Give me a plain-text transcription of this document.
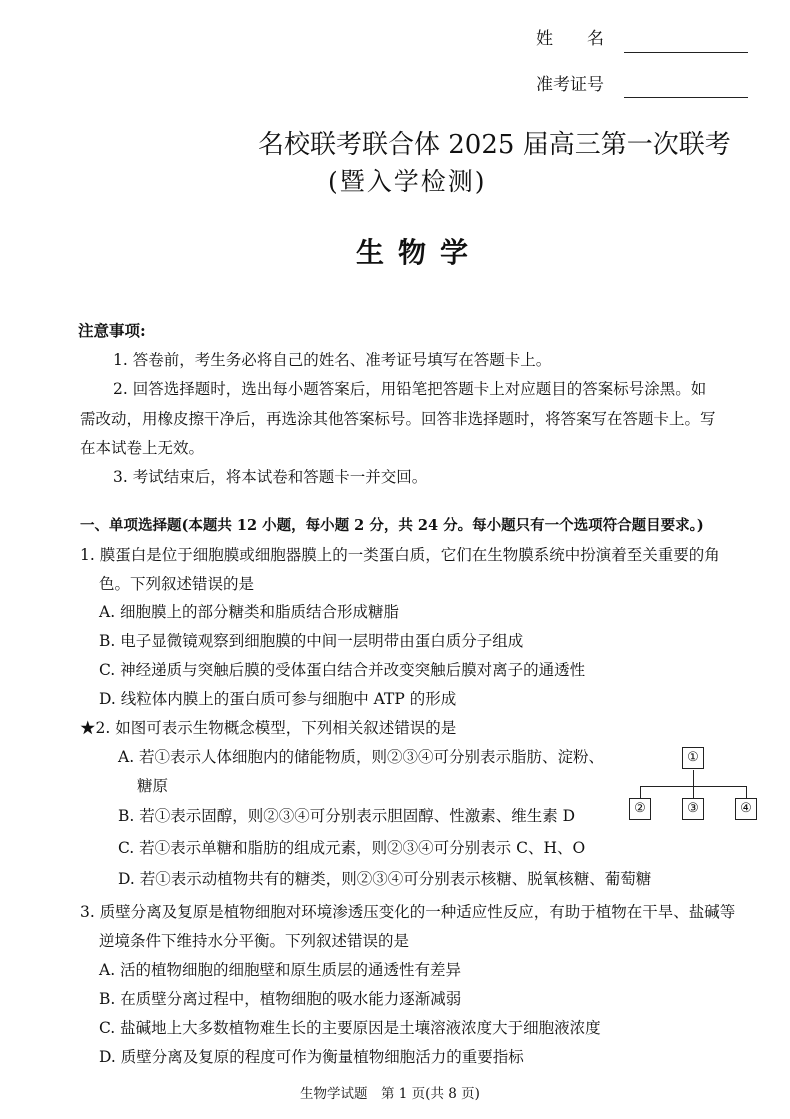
姓　　名
准考证号
名校联考联合体 2025 届高三第一次联考
(暨入学检测)
生物学
注意事项:
1. 答卷前，考生务必将自己的姓名、准考证号填写在答题卡上。
2. 回答选择题时，选出每小题答案后，用铅笔把答题卡上对应题目的答案标号涂黑。如
需改动，用橡皮擦干净后，再选涂其他答案标号。回答非选择题时，将答案写在答题卡上。写
在本试卷上无效。
3. 考试结束后，将本试卷和答题卡一并交回。
一、单项选择题(本题共 12 小题，每小题 2 分，共 24 分。每小题只有一个选项符合题目要求。)
1. 膜蛋白是位于细胞膜或细胞器膜上的一类蛋白质，它们在生物膜系统中扮演着至关重要的角
色。下列叙述错误的是
A. 细胞膜上的部分糖类和脂质结合形成糖脂
B. 电子显微镜观察到细胞膜的中间一层明带由蛋白质分子组成
C. 神经递质与突触后膜的受体蛋白结合并改变突触后膜对离子的通透性
D. 线粒体内膜上的蛋白质可参与细胞中 ATP 的形成
★2. 如图可表示生物概念模型，下列相关叙述错误的是
A. 若①表示人体细胞内的储能物质，则②③④可分别表示脂肪、淀粉、
糖原
B. 若①表示固醇，则②③④可分别表示胆固醇、性激素、维生素 D
C. 若①表示单糖和脂肪的组成元素，则②③④可分别表示 C、H、O
D. 若①表示动植物共有的糖类，则②③④可分别表示核糖、脱氧核糖、葡萄糖
①
②	③	④
3. 质壁分离及复原是植物细胞对环境渗透压变化的一种适应性反应，有助于植物在干旱、盐碱等
逆境条件下维持水分平衡。下列叙述错误的是
A. 活的植物细胞的细胞壁和原生质层的通透性有差异
B. 在质壁分离过程中，植物细胞的吸水能力逐渐减弱
C. 盐碱地上大多数植物难生长的主要原因是土壤溶液浓度大于细胞液浓度
D. 质壁分离及复原的程度可作为衡量植物细胞活力的重要指标
生物学试题　第 1 页(共 8 页)
